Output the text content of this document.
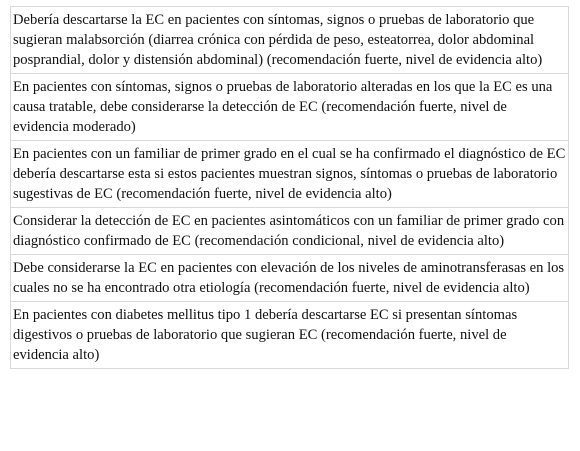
Debería descartarse la EC en pacientes con síntomas, signos o pruebas de laboratorio que sugieran malabsorción (diarrea crónica con pérdida de peso, esteatorrea, dolor abdominal posprandial, dolor y distensión abdominal) (recomendación fuerte, nivel de evidencia alto)
En pacientes con síntomas, signos o pruebas de laboratorio alteradas en los que la EC es una causa tratable, debe considerarse la detección de EC (recomendación fuerte, nivel de evidencia moderado)
En pacientes con un familiar de primer grado en el cual se ha confirmado el diagnóstico de EC debería descartarse esta si estos pacientes muestran signos, síntomas o pruebas de laboratorio sugestivas de EC (recomendación fuerte, nivel de evidencia alto)
Considerar la detección de EC en pacientes asintomáticos con un familiar de primer grado con diagnóstico confirmado de EC (recomendación condicional, nivel de evidencia alto)
Debe considerarse la EC en pacientes con elevación de los niveles de aminotransferasas en los cuales no se ha encontrado otra etiología (recomendación fuerte, nivel de evidencia alto)
En pacientes con diabetes mellitus tipo 1 debería descartarse EC si presentan síntomas digestivos o pruebas de laboratorio que sugieran EC (recomendación fuerte, nivel de evidencia alto)
